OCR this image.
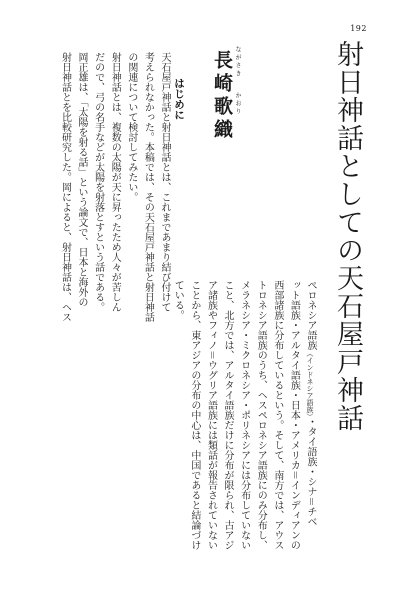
192
射日神話としての天石屋戸神話
ながさきかおり
長崎歌織
はじめに
天石屋戸神話と射日神話とは、これまであまり結び付けて
考えられなかった。本稿では、その天石屋戸神話と射日神話
の関連について検討してみたい。
射日神話とは、複数の太陽が天に昇ったため人々が苦しん
だので、弓の名手などが太陽を射落とすという話である。
岡正雄は、「太陽を射る話」という論文で、日本と海外の
射日神話とを比較研究した。岡によると、射日神話は、ヘス	ぺロネシア語族（インドネシア語族）・タイ語族・シナ＝チベ
ット語族・アルタイ語族・日本・アメリカ＝インディアンの
西部諸族に分布しているという。そして、南方では、アウス
トロネシア語族のうち、ヘスペロネシア語族にのみ分布し、
メラネシア・ミクロネシア・ポリネシアには分布していない
こと、北方では、アルタイ語族だけに分布が限られ、古アジ
ア諸族やフィノ＝ウグリア語族には類話が報告されていない
ことから、東アジアの分布の中心は、中国であると結論づけ
ている。
